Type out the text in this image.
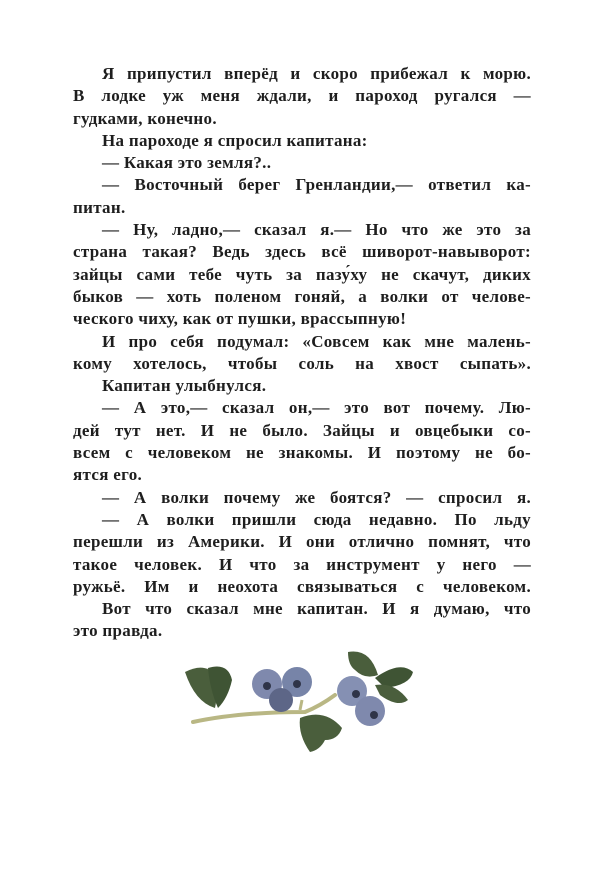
Я припустил вперёд и скоро прибежал к морю.
В лодке уж меня ждали, и пароход ругался —
гудками, конечно.
На пароходе я спросил капитана:
— Какая это земля?..
— Восточный берег Гренландии,— ответил ка-
питан.
— Ну, ладно,— сказал я.— Но что же это за
страна такая? Ведь здесь всё шиворот-навыворот:
зайцы сами тебе чуть за пазу́ху не скачут, диких
быков — хоть поленом гоняй, а волки от челове-
ческого чиху, как от пушки, врассыпную!
И про себя подумал: «Совсем как мне малень-
кому хотелось, чтобы соль на хвост сыпать».
Капитан улыбнулся.
— А это,— сказал он,— это вот почему. Лю-
дей тут нет. И не было. Зайцы и овцебыки со-
всем с человеком не знакомы. И поэтому не бо-
ятся его.
— А волки почему же боятся? — спросил я.
— А волки пришли сюда недавно. По льду
перешли из Америки. И они отлично помнят, что
такое человек. И что за инструмент у него —
ружьё. Им и неохота связываться с человеком.
Вот что сказал мне капитан. И я думаю, что
это правда.
